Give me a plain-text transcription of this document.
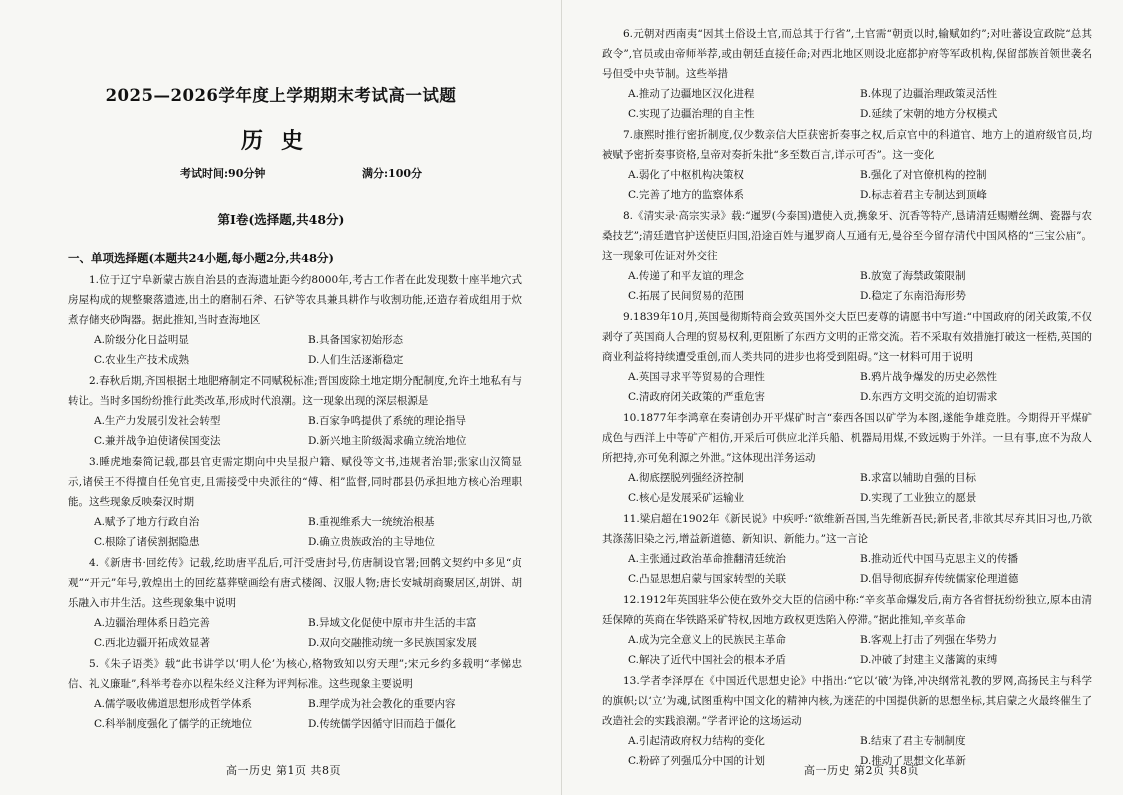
2025—2026学年度上学期期末考试高一试题
历史
考试时间:90分钟	满分:100分
第Ⅰ卷(选择题,共48分)
一、单项选择题(本题共24小题,每小题2分,共48分)

1.位于辽宁阜新蒙古族自治县的查海遗址距今约8000年,考古工作者在此发现数十座半地穴式房屋构成的规整聚落遗迹,出土的磨制石斧、石铲等农具兼具耕作与收割功能,还造存着成组用于炊煮存储夹砂陶器。据此推知,当时查海地区

A.阶级分化日益明显	B.具备国家初始形态
C.农业生产技术成熟	D.人们生活逐渐稳定

2.春秋后期,齐国根据土地肥瘠制定不同赋税标准;晋国废除土地定期分配制度,允许土地私有与转让。当时多国纷纷推行此类改革,形成时代浪潮。这一现象出现的深层根源是

A.生产力发展引发社会转型	B.百家争鸣提供了系统的理论指导
C.兼并战争迫使诸侯国变法	D.新兴地主阶级渴求确立统治地位

3.睡虎地秦简记载,郡县官吏需定期向中央呈报户籍、赋役等文书,违规者治罪;张家山汉简显示,诸侯王不得擅自任免官吏,且需接受中央派往的“傅、相”监督,同时郡县仍承担地方核心治理职能。这些现象反映秦汉时期

A.赋予了地方行政自治	B.重视维系大一统统治根基
C.根除了诸侯割据隐患	D.确立贵族政治的主导地位

4.《新唐书·回纥传》记载,纥助唐平乱后,可汗受唐封号,仿唐制设官署;回鹘文契约中多见“贞观”“开元”年号,敦煌出土的回纥墓葬壁画绘有唐式楼阁、汉服人物;唐长安城胡商聚居区,胡饼、胡乐融入市井生活。这些现象集中说明

A.边疆治理体系日趋完善	B.异域文化促使中原市井生活的丰富
C.西北边疆开拓成效显著	D.双向交融推动统一多民族国家发展

5.《朱子语类》载“此书讲学以‘明人伦’为核心,格物致知以穷天理”;宋元乡约多载明“孝悌忠信、礼义廉耻”,科举考卷亦以程朱经义注释为评判标准。这些现象主要说明

A.儒学吸收佛道思想形成哲学体系	B.理学成为社会教化的重要内容
C.科举制度强化了儒学的正统地位	D.传统儒学因循守旧而趋于僵化
高一历史 第1页 共8页

6.元朝对西南夷“因其土俗设土官,而总其于行省”,土官需“朝贡以时,输赋如约”;对吐蕃设宣政院“总其政令”,官员或由帝师举荐,或由朝廷直接任命;对西北地区则设北庭都护府等军政机构,保留部族首领世袭名号但受中央节制。这些举措

A.推动了边疆地区汉化进程	B.体现了边疆治理政策灵活性
C.实现了边疆治理的自主性	D.延续了宋朝的地方分权模式

7.康熙时推行密折制度,仅少数亲信大臣获密折奏事之权,后京官中的科道官、地方上的道府级官员,均被赋予密折奏事资格,皇帝对奏折朱批“多至数百言,详示可否”。这一变化

A.弱化了中枢机构决策权	B.强化了对官僚机构的控制
C.完善了地方的监察体系	D.标志着君主专制达到顶峰

8.《清实录·高宗实录》载:“暹罗(今泰国)遣使入贡,携象牙、沉香等特产,恳请清廷赐赠丝绸、瓷器与农桑技艺”;清廷遣官护送使臣归国,沿途百姓与暹罗商人互通有无,曼谷至今留存清代中国风格的“三宝公庙”。这一现象可佐证对外交往

A.传递了和平友谊的理念	B.放宽了海禁政策限制
C.拓展了民间贸易的范围	D.稳定了东南沿海形势

9.1839年10月,英国曼彻斯特商会致英国外交大臣巴麦尊的请愿书中写道:“中国政府的闭关政策,不仅剥夺了英国商人合理的贸易权利,更阻断了东西方文明的正常交流。若不采取有效措施打破这一桎梏,英国的商业利益将持续遭受重创,而人类共同的进步也将受到阻碍。”这一材料可用于说明

A.英国寻求平等贸易的合理性	B.鸦片战争爆发的历史必然性
C.清政府闭关政策的严重危害	D.东西方文明交流的迫切需求

10.1877年李鸿章在奏请创办开平煤矿时言“泰西各国以矿学为本图,遂能争雄竞胜。今期得开平煤矿成色与西洋上中等矿产相仿,开采后可供应北洋兵船、机器局用煤,不致远购于外洋。一旦有事,庶不为敌人所把持,亦可免利源之外泄。”这体现出洋务运动

A.彻底摆脱列强经济控制	B.求富以辅助自强的目标
C.核心是发展采矿运输业	D.实现了工业独立的愿景

11.梁启超在1902年《新民说》中疾呼:“欲维新吾国,当先维新吾民;新民者,非欲其尽弃其旧习也,乃欲其涤荡旧染之污,增益新道德、新知识、新能力。”这一言论

A.主张通过政治革命推翻清廷统治	B.推动近代中国马克思主义的传播
C.凸显思想启蒙与国家转型的关联	D.倡导彻底摒弃传统儒家伦理道德

12.1912年英国驻华公使在致外交大臣的信函中称:“辛亥革命爆发后,南方各省督抚纷纷独立,原本由清廷保障的英商在华铁路采矿特权,因地方政权更迭陷入停滞。”据此推知,辛亥革命

A.成为完全意义上的民族民主革命	B.客观上打击了列强在华势力
C.解决了近代中国社会的根本矛盾	D.冲破了封建主义藩篱的束缚

13.学者李泽厚在《中国近代思想史论》中指出:“它以‘破’为锋,冲决纲常礼教的罗网,高扬民主与科学的旗帜;以‘立’为魂,试图重构中国文化的精神内核,为迷茫的中国提供新的思想坐标,其启蒙之火最终催生了改造社会的实践浪潮。”学者评论的这场运动

A.引起清政府权力结构的变化	B.结束了君主专制制度
C.粉碎了列强瓜分中国的计划	D.推动了思想文化革新
高一历史 第2页 共8页
